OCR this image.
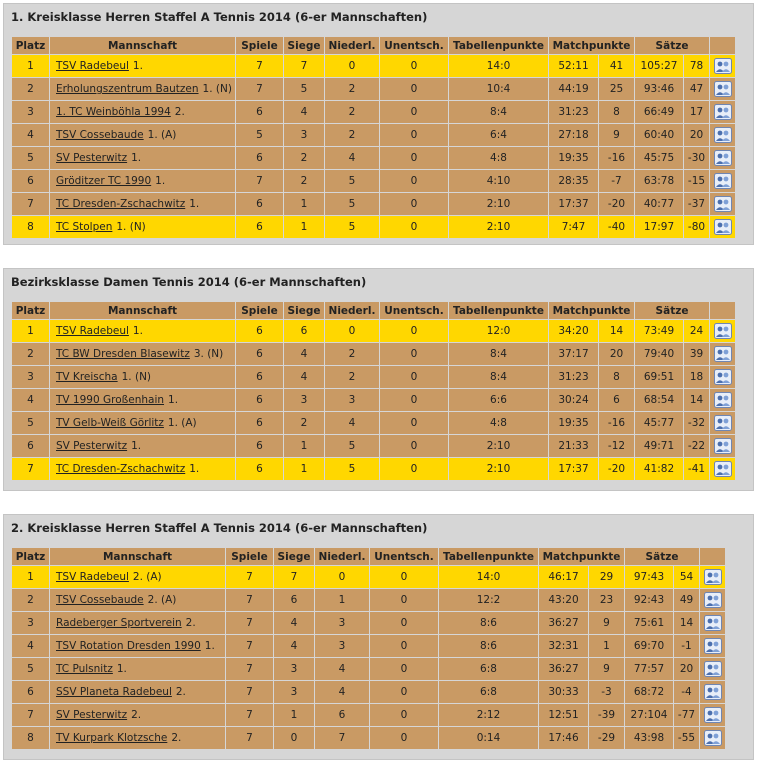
1. Kreisklasse Herren Staffel A Tennis 2014 (6-er Mannschaften)
Platz	Mannschaft	Spiele	Siege	Niederl.	Unentsch.	Tabellenpunkte	Matchpunkte		Sätze		
1	TSV Radebeul 1.	7	7	0	0	14:0	52:11	41	105:27	78	
2	Erholungszentrum Bautzen 1. (N)	7	5	2	0	10:4	44:19	25	93:46	47	
3	1. TC Weinböhla 1994 2.	6	4	2	0	8:4	31:23	8	66:49	17	
4	TSV Cossebaude 1. (A)	5	3	2	0	6:4	27:18	9	60:40	20	
5	SV Pesterwitz 1.	6	2	4	0	4:8	19:35	-16	45:75	-30	
6	Gröditzer TC 1990 1.	7	2	5	0	4:10	28:35	-7	63:78	-15	
7	TC Dresden-Zschachwitz 1.	6	1	5	0	2:10	17:37	-20	40:77	-37	
8	TC Stolpen 1. (N)	6	1	5	0	2:10	7:47	-40	17:97	-80	
Bezirksklasse Damen Tennis 2014 (6-er Mannschaften)
Platz	Mannschaft	Spiele	Siege	Niederl.	Unentsch.	Tabellenpunkte	Matchpunkte		Sätze		
1	TSV Radebeul 1.	6	6	0	0	12:0	34:20	14	73:49	24	
2	TC BW Dresden Blasewitz 3. (N)	6	4	2	0	8:4	37:17	20	79:40	39	
3	TV Kreischa 1. (N)	6	4	2	0	8:4	31:23	8	69:51	18	
4	TV 1990 Großenhain 1.	6	3	3	0	6:6	30:24	6	68:54	14	
5	TV Gelb-Weiß Görlitz 1. (A)	6	2	4	0	4:8	19:35	-16	45:77	-32	
6	SV Pesterwitz 1.	6	1	5	0	2:10	21:33	-12	49:71	-22	
7	TC Dresden-Zschachwitz 1.	6	1	5	0	2:10	17:37	-20	41:82	-41	
2. Kreisklasse Herren Staffel A Tennis 2014 (6-er Mannschaften)
Platz	Mannschaft	Spiele	Siege	Niederl.	Unentsch.	Tabellenpunkte	Matchpunkte		Sätze		
1	TSV Radebeul 2. (A)	7	7	0	0	14:0	46:17	29	97:43	54	
2	TSV Cossebaude 2. (A)	7	6	1	0	12:2	43:20	23	92:43	49	
3	Radeberger Sportverein 2.	7	4	3	0	8:6	36:27	9	75:61	14	
4	TSV Rotation Dresden 1990 1.	7	4	3	0	8:6	32:31	1	69:70	-1	
5	TC Pulsnitz 1.	7	3	4	0	6:8	36:27	9	77:57	20	
6	SSV Planeta Radebeul 2.	7	3	4	0	6:8	30:33	-3	68:72	-4	
7	SV Pesterwitz 2.	7	1	6	0	2:12	12:51	-39	27:104	-77	
8	TV Kurpark Klotzsche 2.	7	0	7	0	0:14	17:46	-29	43:98	-55	
